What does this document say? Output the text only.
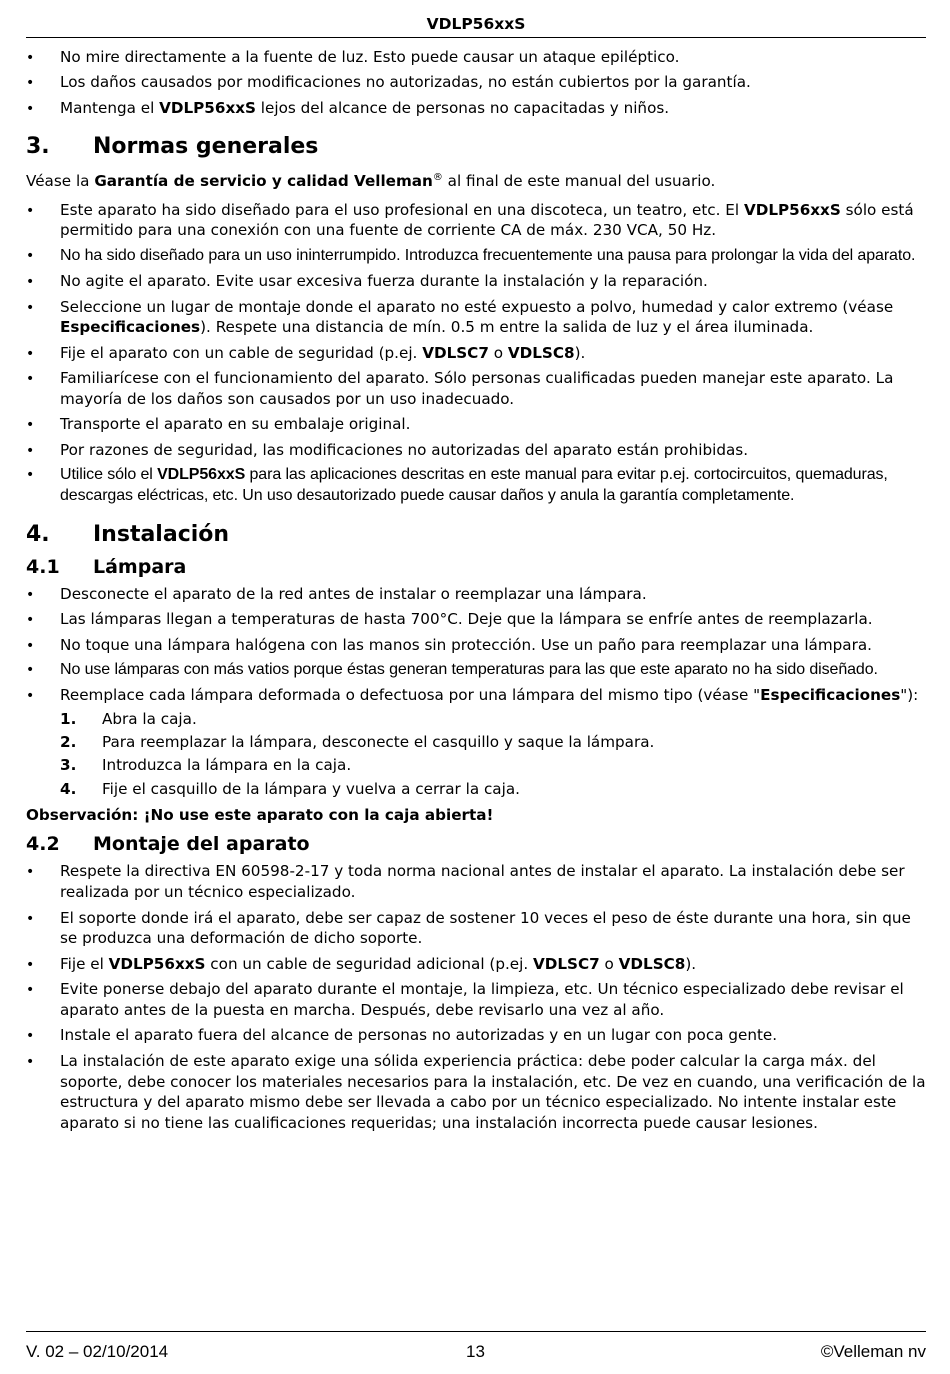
VDLP56xxS
•
No mire directamente a la fuente de luz. Esto puede causar un ataque epiléptico.
•
Los daños causados por modificaciones no autorizadas, no están cubiertos por la garantía.
•
Mantenga el VDLP56xxS lejos del alcance de personas no capacitadas y niños.
3.	Normas generales
Véase la Garantía de servicio y calidad Velleman® al final de este manual del usuario.
•
Este aparato ha sido diseñado para el uso profesional en una discoteca, un teatro, etc. El VDLP56xxS sólo está permitido para una conexión con una fuente de corriente CA de máx. 230 VCA, 50 Hz.
•
No ha sido diseñado para un uso ininterrumpido. Introduzca frecuentemente una pausa para prolongar la vida del aparato.
•
No agite el aparato. Evite usar excesiva fuerza durante la instalación y la reparación.
•
Seleccione un lugar de montaje donde el aparato no esté expuesto a polvo, humedad y calor extremo (véase Especificaciones). Respete una distancia de mín. 0.5 m entre la salida de luz y el área iluminada.
•
Fije el aparato con un cable de seguridad (p.ej. VDLSC7 o VDLSC8).
•
Familiarícese con el funcionamiento del aparato. Sólo personas cualificadas pueden manejar este aparato. La mayoría de los daños son causados por un uso inadecuado.
•
Transporte el aparato en su embalaje original.
•
Por razones de seguridad, las modificaciones no autorizadas del aparato están prohibidas.
•
Utilice sólo el VDLP56xxS para las aplicaciones descritas en este manual para evitar p.ej. cortocircuitos, quemaduras, descargas eléctricas, etc. Un uso desautorizado puede causar daños y anula la garantía completamente.
4.	Instalación
4.1	Lámpara
•
Desconecte el aparato de la red antes de instalar o reemplazar una lámpara.
•
Las lámparas llegan a temperaturas de hasta 700°C. Deje que la lámpara se enfríe antes de reemplazarla.
•
No toque una lámpara halógena con las manos sin protección. Use un paño para reemplazar una lámpara.
•
No use lámparas con más vatios porque éstas generan temperaturas para las que este aparato no ha sido diseñado.
•
Reemplace cada lámpara deformada o defectuosa por una lámpara del mismo tipo (véase "Especificaciones"):
1.	Abra la caja.
2.	Para reemplazar la lámpara, desconecte el casquillo y saque la lámpara.
3.	Introduzca la lámpara en la caja.
4.	Fije el casquillo de la lámpara y vuelva a cerrar la caja.
Observación: ¡No use este aparato con la caja abierta!
4.2	Montaje del aparato
•
Respete la directiva EN 60598-2-17 y toda norma nacional antes de instalar el aparato. La instalación debe ser realizada por un técnico especializado.
•
El soporte donde irá el aparato, debe ser capaz de sostener 10 veces el peso de éste durante una hora, sin que se produzca una deformación de dicho soporte.
•
Fije el VDLP56xxS con un cable de seguridad adicional (p.ej. VDLSC7 o VDLSC8).
•
Evite ponerse debajo del aparato durante el montaje, la limpieza, etc. Un técnico especializado debe revisar el aparato antes de la puesta en marcha. Después, debe revisarlo una vez al año.
•
Instale el aparato fuera del alcance de personas no autorizadas y en un lugar con poca gente.
•
La instalación de este aparato exige una sólida experiencia práctica: debe poder calcular la carga máx. del soporte, debe conocer los materiales necesarios para la instalación, etc. De vez en cuando, una verificación de la estructura y del aparato mismo debe ser llevada a cabo por un técnico especializado. No intente instalar este aparato si no tiene las cualificaciones requeridas; una instalación incorrecta puede causar lesiones.
V. 02 – 02/10/2014	13	©Velleman nv
